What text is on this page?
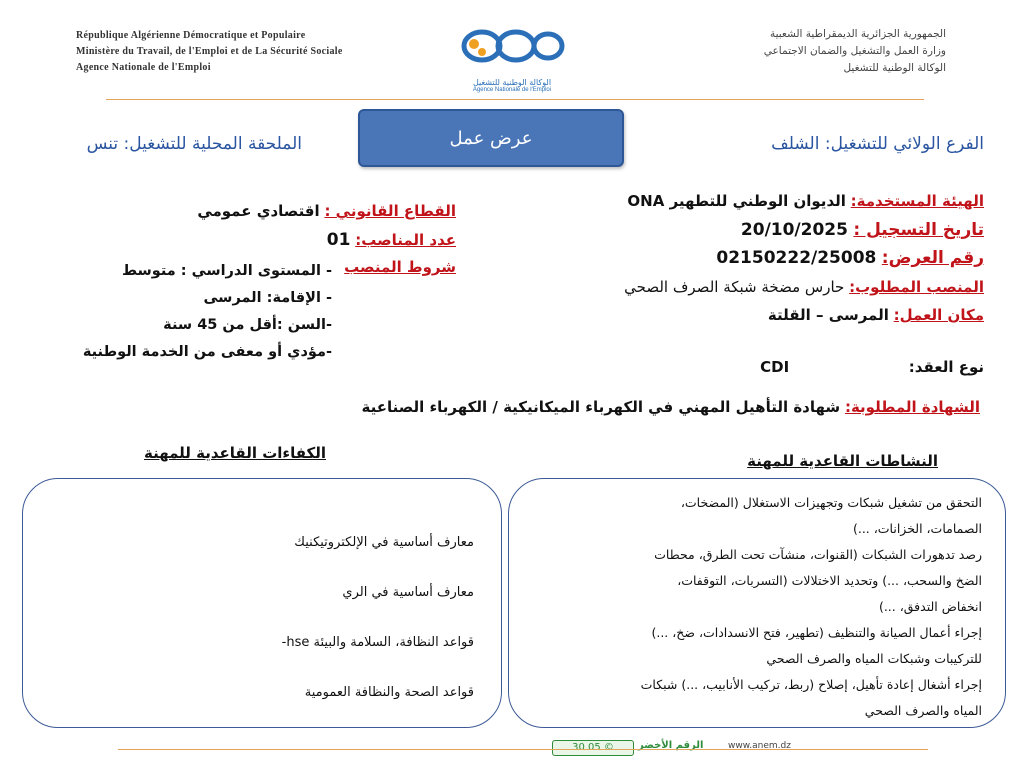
République Algérienne Démocratique et Populaire
Ministère du Travail, de l'Emploi et de La Sécurité Sociale
Agence Nationale de l'Emploi
الوكالة الوطنية للتشغيل
Agence Nationale de l'Emploi
الجمهورية الجزائرية الديمقراطية الشعبية
وزارة العمل والتشغيل والضمان الاجتماعي
الوكالة الوطنية للتشغيل
عرض عمل
الملحقة المحلية للتشغيل: تنس	الفرع الولائي للتشغيل: الشلف
الهيئة المستخدمة: الديوان الوطني للتطهير ONA
تاريخ التسجيل : 20/10/2025
رقم العرض: 02150222/25008
المنصب المطلوب: حارس مضخة شبكة الصرف الصحي
مكان العمل: المرسى – القلتة
نوع العقد:  CDI
القطاع القانوني : اقتصادي عمومي
عدد المناصب: 01
شروط المنصب
- المستوى الدراسي : متوسط
- الإقامة: المرسى
-السن :أقل من 45 سنة
-مؤدي أو معفى من الخدمة الوطنية
الشهادة المطلوبة: شهادة التأهيل المهني في الكهرباء الميكانيكية / الكهرباء الصناعية
الكفاءات القاعدية للمهنة	النشاطات القاعدية للمهنة
معارف أساسية في الإلكتروتيكنيك
معارف أساسية في الري
قواعد النظافة، السلامة والبيئة hse-
قواعد الصحة والنظافة العمومية
التحقق من تشغيل شبكات وتجهيزات الاستغلال (المضخات،
الصمامات، الخزانات، ...)
رصد تدهورات الشبكات (القنوات، منشآت تحت الطرق، محطات
الضخ والسحب، ...) وتحديد الاختلالات (التسربات، التوقفات،
انخفاض التدفق، ...)
إجراء أعمال الصيانة والتنظيف (تطهير، فتح الانسدادات، ضخ، ...)
للتركيبات وشبكات المياه والصرف الصحي
إجراء أشغال إعادة تأهيل، إصلاح (ربط، تركيب الأنابيب، ...) شبكات
المياه والصرف الصحي
30 05 ©	الرقم الأخضر	www.anem.dz
